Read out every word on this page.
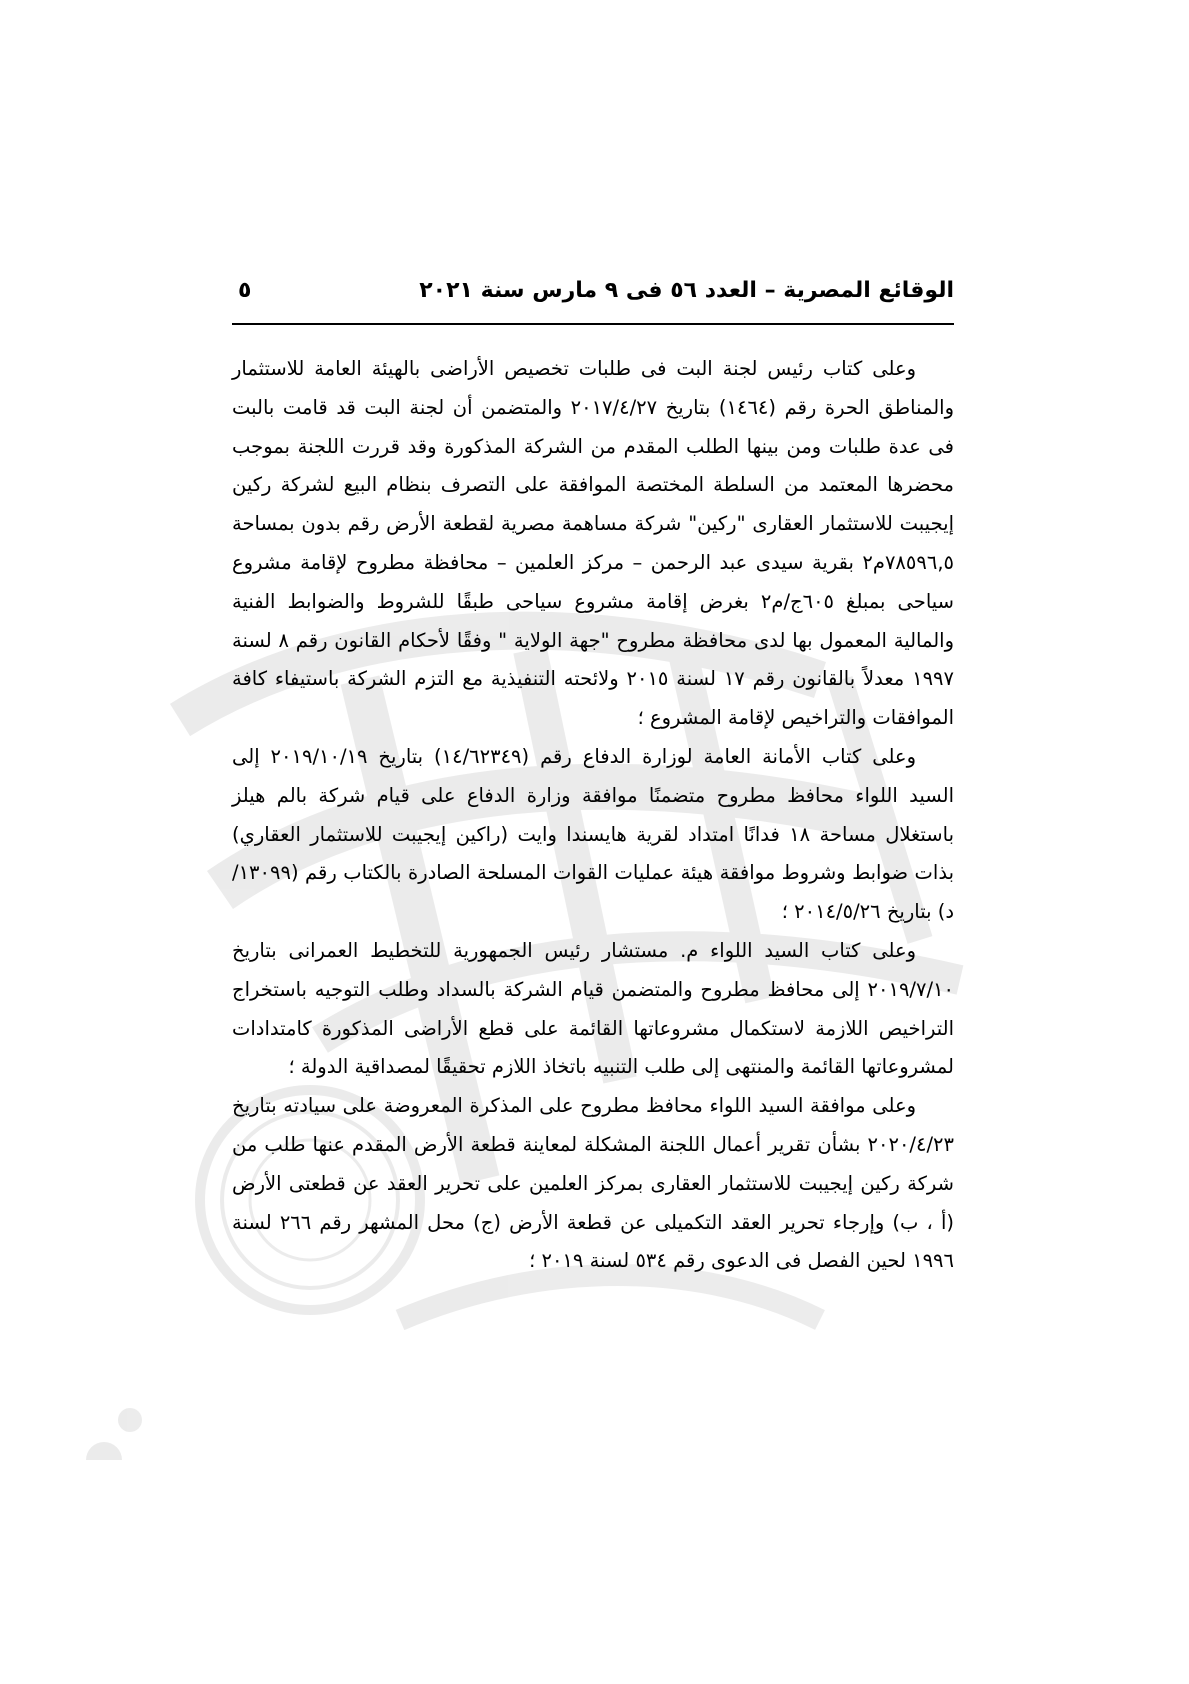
الوقائع المصرية – العدد ٥٦ فى ٩ مارس سنة ٢٠٢١
٥

وعلى كتاب رئيس لجنة البت فى طلبات تخصيص الأراضى بالهيئة العامة للاستثمار والمناطق الحرة رقم (١٤٦٤) بتاريخ ٢٠١٧/٤/٢٧ والمتضمن أن لجنة البت قد قامت بالبت فى عدة طلبات ومن بينها الطلب المقدم من الشركة المذكورة وقد قررت اللجنة بموجب محضرها المعتمد من السلطة المختصة الموافقة على التصرف بنظام البيع لشركة ركين إيجيبت للاستثمار العقارى "ركين" شركة مساهمة مصرية لقطعة الأرض رقم بدون بمساحة ٧٨٥٩٦,٥م٢ بقرية سيدى عبد الرحمن – مركز العلمين – محافظة مطروح لإقامة مشروع سياحى بمبلغ ٦٠٥ج/م٢ بغرض إقامة مشروع سياحى طبقًا للشروط والضوابط الفنية والمالية المعمول بها لدى محافظة مطروح "جهة الولاية " وفقًا لأحكام القانون رقم ٨ لسنة ١٩٩٧ معدلاً بالقانون رقم ١٧ لسنة ٢٠١٥ ولائحته التنفيذية مع التزم الشركة باستيفاء كافة الموافقات والتراخيص لإقامة المشروع ؛

وعلى كتاب الأمانة العامة لوزارة الدفاع رقم (١٤/٦٢٣٤٩) بتاريخ ٢٠١٩/١٠/١٩ إلى السيد اللواء محافظ مطروح متضمنًا موافقة وزارة الدفاع على قيام شركة بالم هيلز باستغلال مساحة ١٨ فدانًا امتداد لقرية هايسندا وايت (راكين إيجيبت للاستثمار العقاري) بذات ضوابط وشروط موافقة هيئة عمليات القوات المسلحة الصادرة بالكتاب رقم (١٣٠٩٩/د) بتاريخ ٢٠١٤/٥/٢٦ ؛

وعلى كتاب السيد اللواء م. مستشار رئيس الجمهورية للتخطيط العمرانى بتاريخ ٢٠١٩/٧/١٠ إلى محافظ مطروح والمتضمن قيام الشركة بالسداد وطلب التوجيه باستخراج التراخيص اللازمة لاستكمال مشروعاتها القائمة على قطع الأراضى المذكورة كامتدادات لمشروعاتها القائمة والمنتهى إلى طلب التنبيه باتخاذ اللازم تحقيقًا لمصداقية الدولة ؛

وعلى موافقة السيد اللواء محافظ مطروح على المذكرة المعروضة على سيادته بتاريخ ٢٠٢٠/٤/٢٣ بشأن تقرير أعمال اللجنة المشكلة لمعاينة قطعة الأرض المقدم عنها طلب من شركة ركين إيجيبت للاستثمار العقارى بمركز العلمين على تحرير العقد عن قطعتى الأرض (أ ، ب) وإرجاء تحرير العقد التكميلى عن قطعة الأرض (ج) محل المشهر رقم ٢٦٦ لسنة ١٩٩٦ لحين الفصل فى الدعوى رقم ٥٣٤ لسنة ٢٠١٩ ؛
